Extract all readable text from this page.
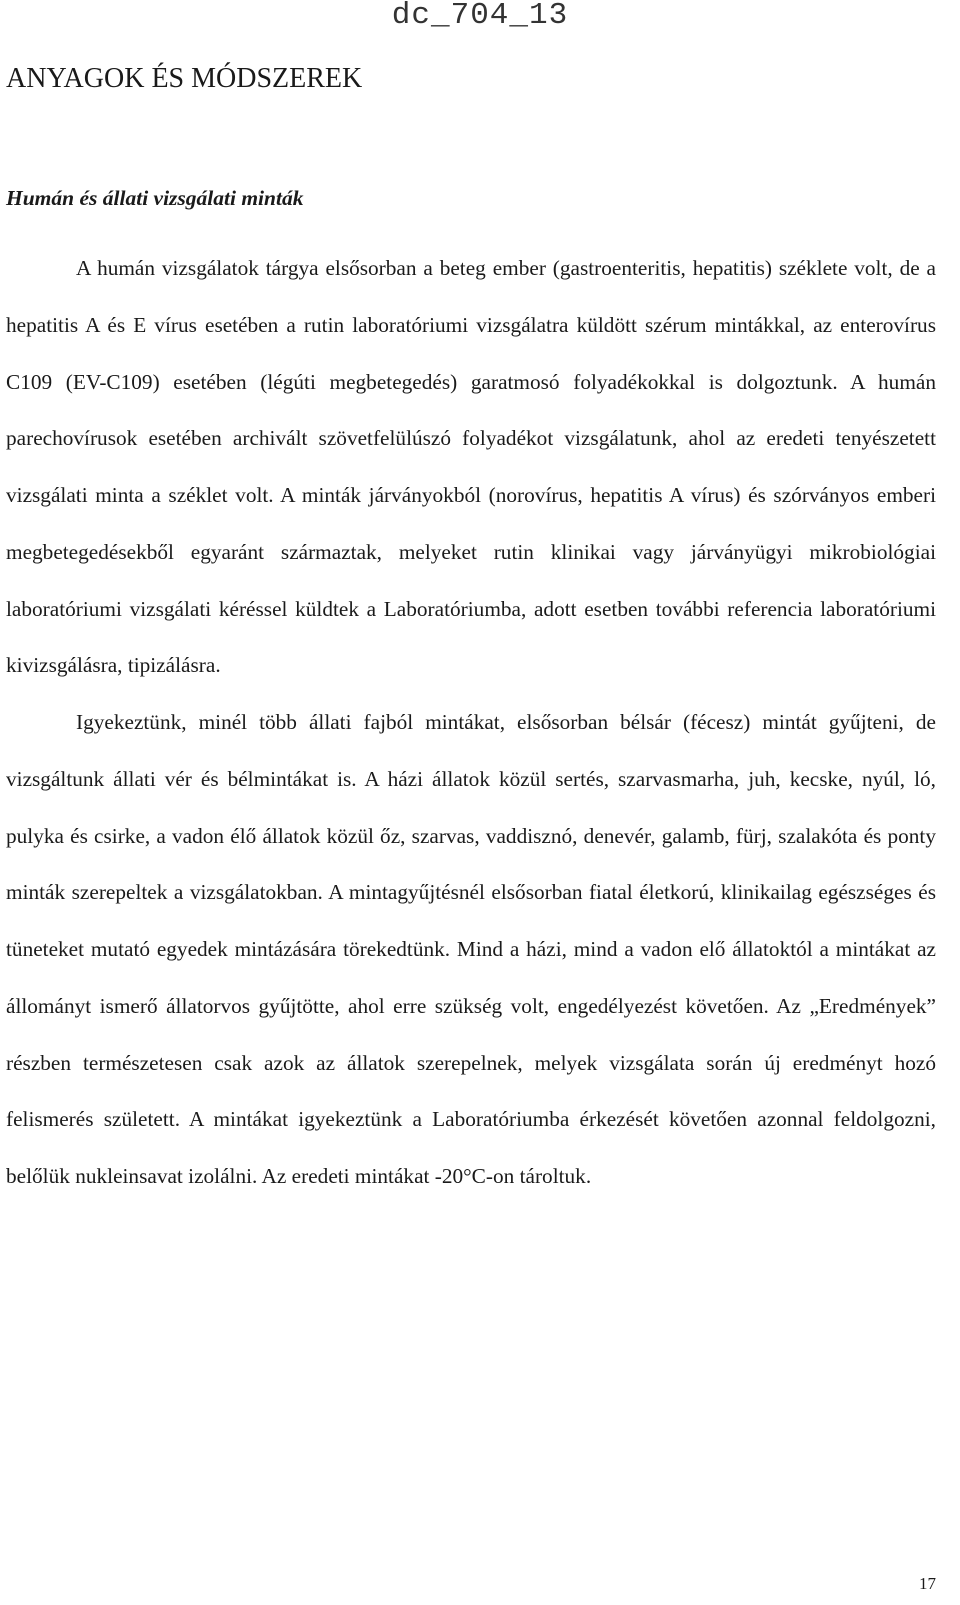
dc_704_13
ANYAGOK ÉS MÓDSZEREK
Humán és állati vizsgálati minták

A humán vizsgálatok tárgya elsősorban a beteg ember (gastroenteritis, hepatitis) széklete volt, de a hepatitis A és E vírus esetében a rutin laboratóriumi vizsgálatra küldött szérum mintákkal, az enterovírus C109 (EV-C109) esetében (légúti megbetegedés) garatmosó folyadékokkal is dolgoztunk. A humán parechovírusok esetében archivált szövetfelülúszó folyadékot vizsgálatunk, ahol az eredeti tenyészetett vizsgálati minta a széklet volt. A minták járványokból (norovírus, hepatitis A vírus) és szórványos emberi megbetegedésekből egyaránt származtak, melyeket rutin klinikai vagy járványügyi mikrobiológiai laboratóriumi vizsgálati kéréssel küldtek a Laboratóriumba, adott esetben további referencia laboratóriumi kivizsgálásra, tipizálásra.

Igyekeztünk, minél több állati fajból mintákat, elsősorban bélsár (fécesz) mintát gyűjteni, de vizsgáltunk állati vér és bélmintákat is. A házi állatok közül sertés, szarvasmarha, juh, kecske, nyúl, ló, pulyka és csirke, a vadon élő állatok közül őz, szarvas, vaddisznó, denevér, galamb, fürj, szalakóta és ponty minták szerepeltek a vizsgálatokban. A mintagyűjtésnél elsősorban fiatal életkorú, klinikailag egészséges és tüneteket mutató egyedek mintázására törekedtünk. Mind a házi, mind a vadon elő állatoktól a mintákat az állományt ismerő állatorvos gyűjtötte, ahol erre szükség volt, engedélyezést követően. Az „Eredmények” részben természetesen csak azok az állatok szerepelnek, melyek vizsgálata során új eredményt hozó felismerés született. A mintákat igyekeztünk a Laboratóriumba érkezését követően azonnal feldolgozni, belőlük nukleinsavat izolálni. Az eredeti mintákat -20°C-on tároltuk.

17
